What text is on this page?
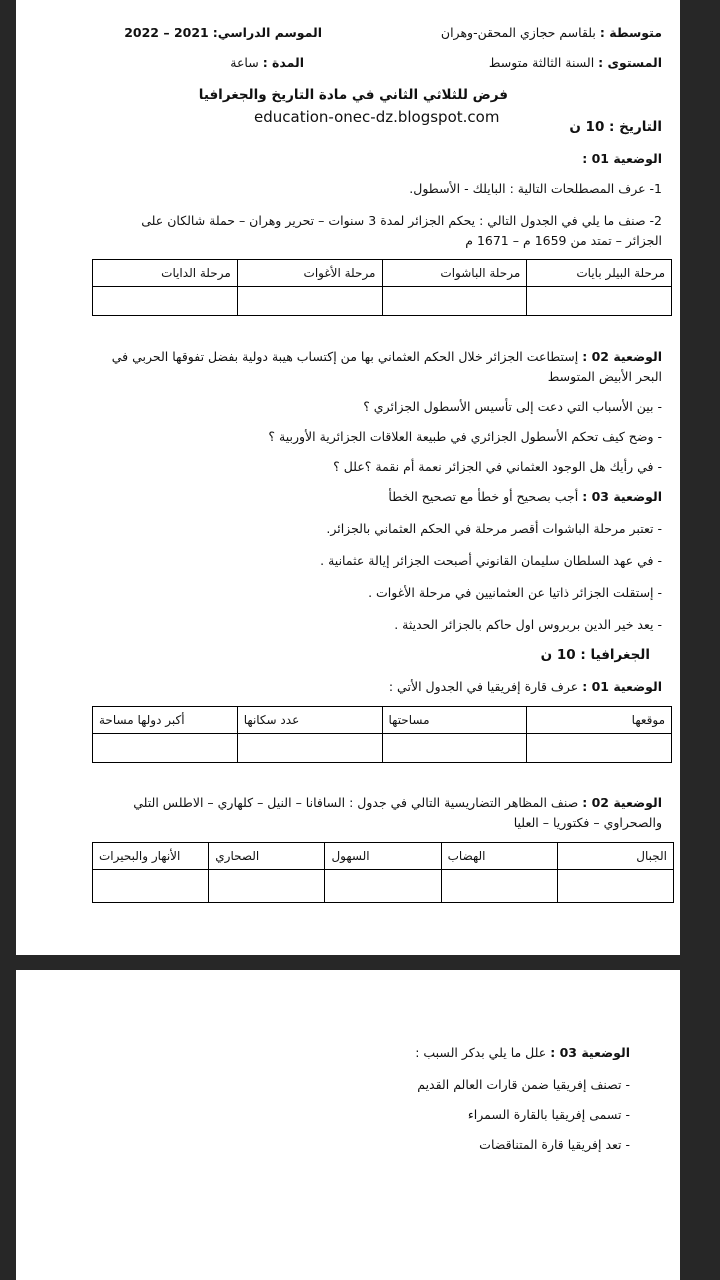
متوسطة : بلقاسم حجازي المحقن-وهران
الموسم الدراسي: 2021 – 2022
المستوى : السنة الثالثة متوسط
المدة : ساعة
فرض للثلاثي الثاني في مادة التاريخ والجغرافيا
education-onec-dz.blogspot.com
التاريخ : 10 ن
الوضعية 01 :
1- عرف المصطلحات التالية : البايلك - الأسطول.
2- صنف ما يلي في الجدول التالي : يحكم الجزائر لمدة 3 سنوات – تحرير وهران – حملة شالكان على
الجزائر – تمتد من 1659 م – 1671 م
مرحلة البيلر بايات	مرحلة الباشوات	مرحلة الأغوات	مرحلة الدايات

الوضعية 02 : إستطاعت الجزائر خلال الحكم العثماني بها من إكتساب هيبة دولية بفضل تفوقها الحربي في
البحر الأبيض المتوسط
- بين الأسباب التي دعت إلى تأسيس الأسطول الجزائري ؟
- وضح كيف تحكم الأسطول الجزائري في طبيعة العلاقات الجزائرية الأوربية ؟
- في رأيك هل الوجود العثماني في الجزائر نعمة أم نقمة ؟علل ؟
الوضعية 03 : أجب بصحيح أو خطأ مع تصحيح الخطأ
- تعتبر مرحلة الباشوات أقصر مرحلة في الحكم العثماني بالجزائر.
- في عهد السلطان سليمان القانوني أصبحت الجزائر إيالة عثمانية .
- إستقلت الجزائر ذاتيا عن العثمانيين في مرحلة الأغوات .
- يعد خير الدين بربروس اول حاكم بالجزائر الحديثة .
الجغرافيا : 10 ن
الوضعية 01 : عرف قارة إفريقيا في الجدول الأتي :
موقعها	مساحتها	عدد سكانها	أكبر دولها مساحة

الوضعية 02 : صنف المظاهر التضاريسية التالي في جدول : السافانا – النيل – كلهاري – الاطلس التلي
والصحراوي – فكتوريا – العليا
الجبال	الهضاب	السهول	الصحاري	الأنهار والبحيرات

الوضعية 03 : علل ما يلي بدكر السبب :
- تصنف إفريقيا ضمن قارات العالم القديم
- تسمى إفريقيا بالقارة السمراء
- تعد إفريقيا قارة المتناقضات
